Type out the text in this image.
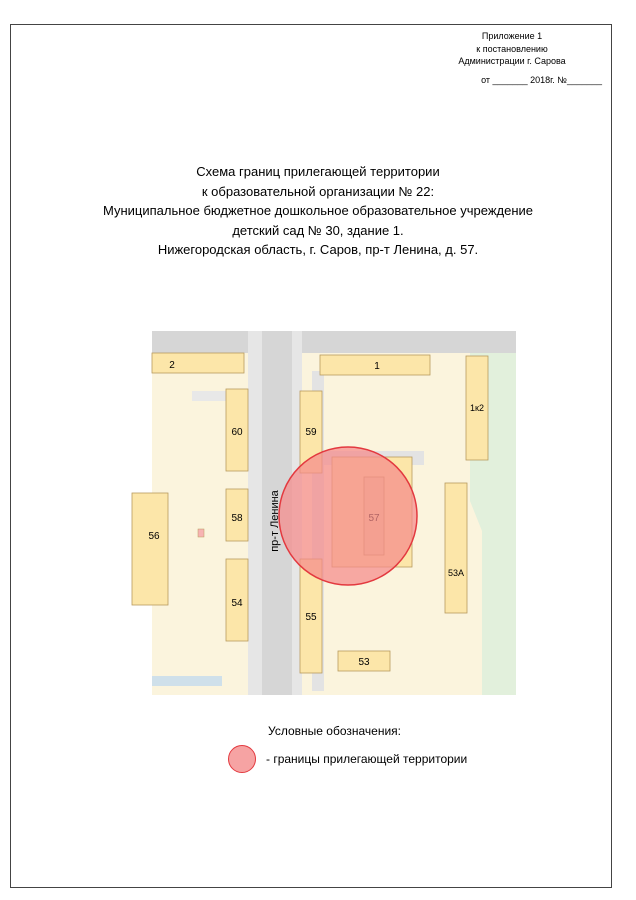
Приложение 1
к постановлению
Администрации г. Сарова
от _______ 2018г. №_______
Схема границ прилегающей территории
к образовательной организации № 22:
Муниципальное бюджетное дошкольное образовательное учреждение
детский сад № 30, здание 1.
Нижегородская область, г. Саров, пр-т Ленина, д. 57.
2	1
1к2
60	59
58
56
54
55
53А
53
пр-т Ленина
Условные обозначения:
- границы прилегающей территории
